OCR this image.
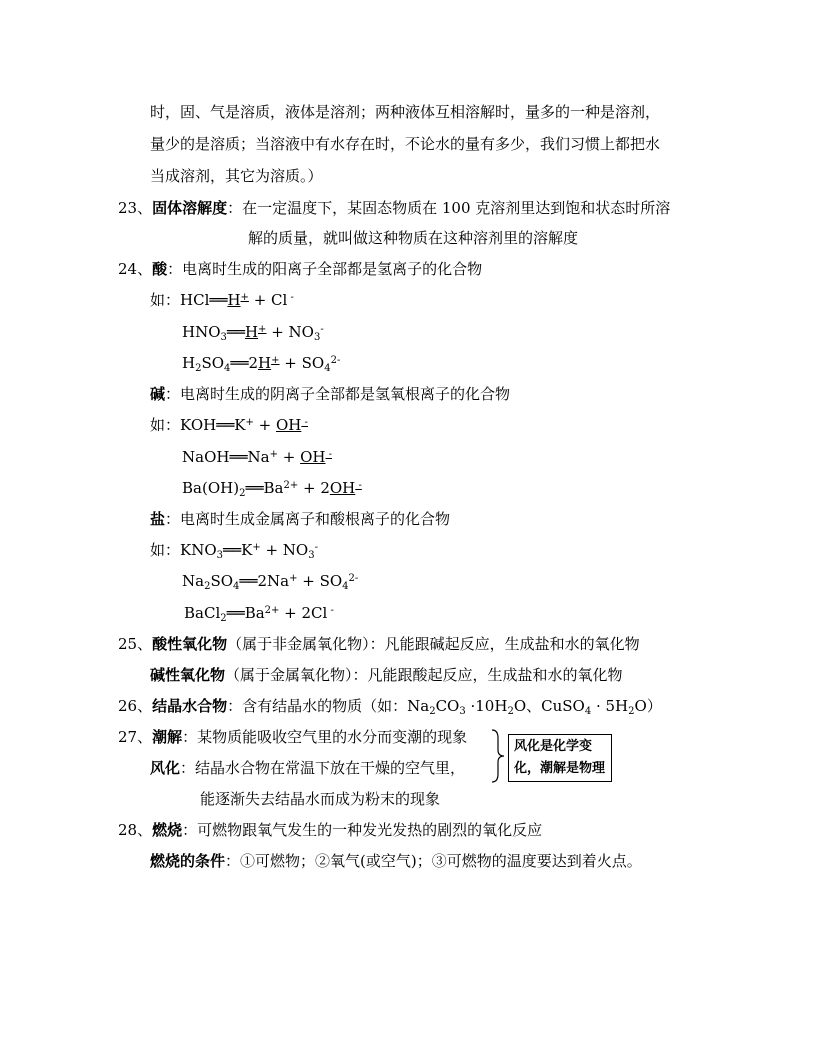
时，固、气是溶质，液体是溶剂；两种液体互相溶解时，量多的一种是溶剂，
量少的是溶质；当溶液中有水存在时，不论水的量有多少，我们习惯上都把水
当成溶剂，其它为溶质。）
23、固体溶解度：在一定温度下，某固态物质在 100 克溶剂里达到饱和状态时所溶
解的质量，就叫做这种物质在这种溶剂里的溶解度
24、酸：电离时生成的阳离子全部都是氢离子的化合物
如：HCl══H+ + Cl -
$HNO_3══H^+ + NO_3^-$
$H_2SO_4══2H^+ + SO_4^{2-}$
碱：电离时生成的阴离子全部都是氢氧根离子的化合物
如：KOH══K+ + OH -
NaOH══Na+ + OH -
$Ba(OH)_2══Ba^{2+} + 2OH$ -
盐：电离时生成金属离子和酸根离子的化合物
如：$KNO_3══K^+ + NO_3^-$
$Na_2SO_4══2Na^+ + SO_4^{2-}$
$BaCl_2══Ba^{2+} + 2Cl$ -
25、酸性氧化物（属于非金属氧化物）：凡能跟碱起反应，生成盐和水的氧化物
碱性氧化物（属于金属氧化物）：凡能跟酸起反应，生成盐和水的氧化物
26、结晶水合物：含有结晶水的物质（如：$Na_2CO_3 \cdot 10H_2O$、CuSO$_4$ · $5H_2O$）
27、潮解：某物质能吸收空气里的水分而变潮的现象
风化：结晶水合物在常温下放在干燥的空气里，
能逐渐失去结晶水而成为粉末的现象
风化是化学变化，潮解是物理
28、燃烧：可燃物跟氧气发生的一种发光发热的剧烈的氧化反应
燃烧的条件：①可燃物；②氧气(或空气)；③可燃物的温度要达到着火点。
